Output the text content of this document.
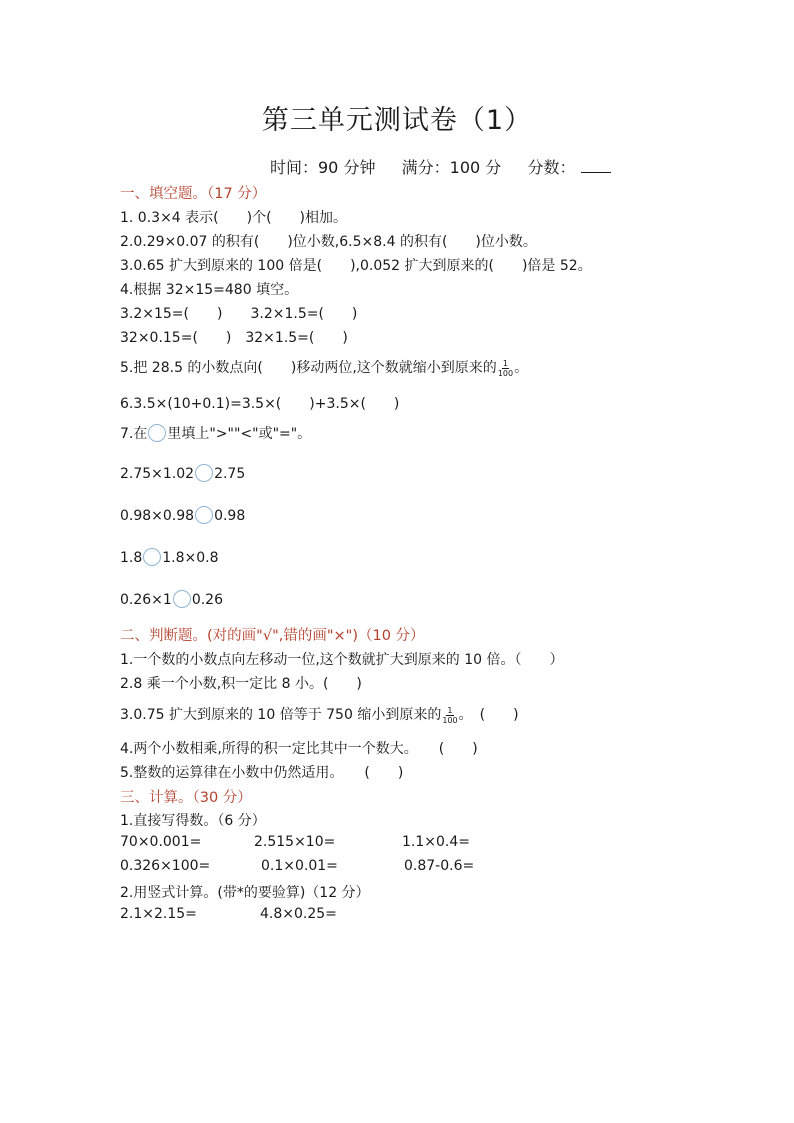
第三单元测试卷（1）
时间：90 分钟 满分：100 分 分数：
一、填空题。（17 分）
1. 0.3×4 表示(　　)个(　　)相加。
2.0.29×0.07 的积有(　　)位小数,6.5×8.4 的积有(　　)位小数。
3.0.65 扩大到原来的 100 倍是(　　),0.052 扩大到原来的(　　)倍是 52。
4.根据 32×15=480 填空。
3.2×15=(　　)　　3.2×1.5=(　　)
32×0.15=(　　)　32×1.5=(　　)
5.把 28.5 的小数点向(　　)移动两位,这个数就缩小到原来的 $\frac{1}{100}$ 。
6.3.5×(10+0.1)=3.5×(　　)+3.5×(　　)
7.在 里填上">""<"或"="。
2.75×1.02 2.75
0.98×0.98 0.98
1.8 1.8×0.8
0.26×1 0.26
二、判断题。(对的画"√",错的画"×")（10 分）
1.一个数的小数点向左移动一位,这个数就扩大到原来的 10 倍。（　　）
2.8 乘一个小数,积一定比 8 小。(　　)
3.0.75 扩大到原来的 10 倍等于 750 缩小到原来的 $\frac{1}{100}$ 。　(　　)
4.两个小数相乘,所得的积一定比其中一个数大。　　(　　)
5.整数的运算律在小数中仍然适用。　　(　　)
三、计算。（30 分）
1.直接写得数。（6 分）
70×0.001=	2.515×10=	1.1×0.4=
0.326×100=	0.1×0.01=	0.87-0.6=
2.用竖式计算。(带*的要验算)（12 分）
2.1×2.15=	4.8×0.25=
